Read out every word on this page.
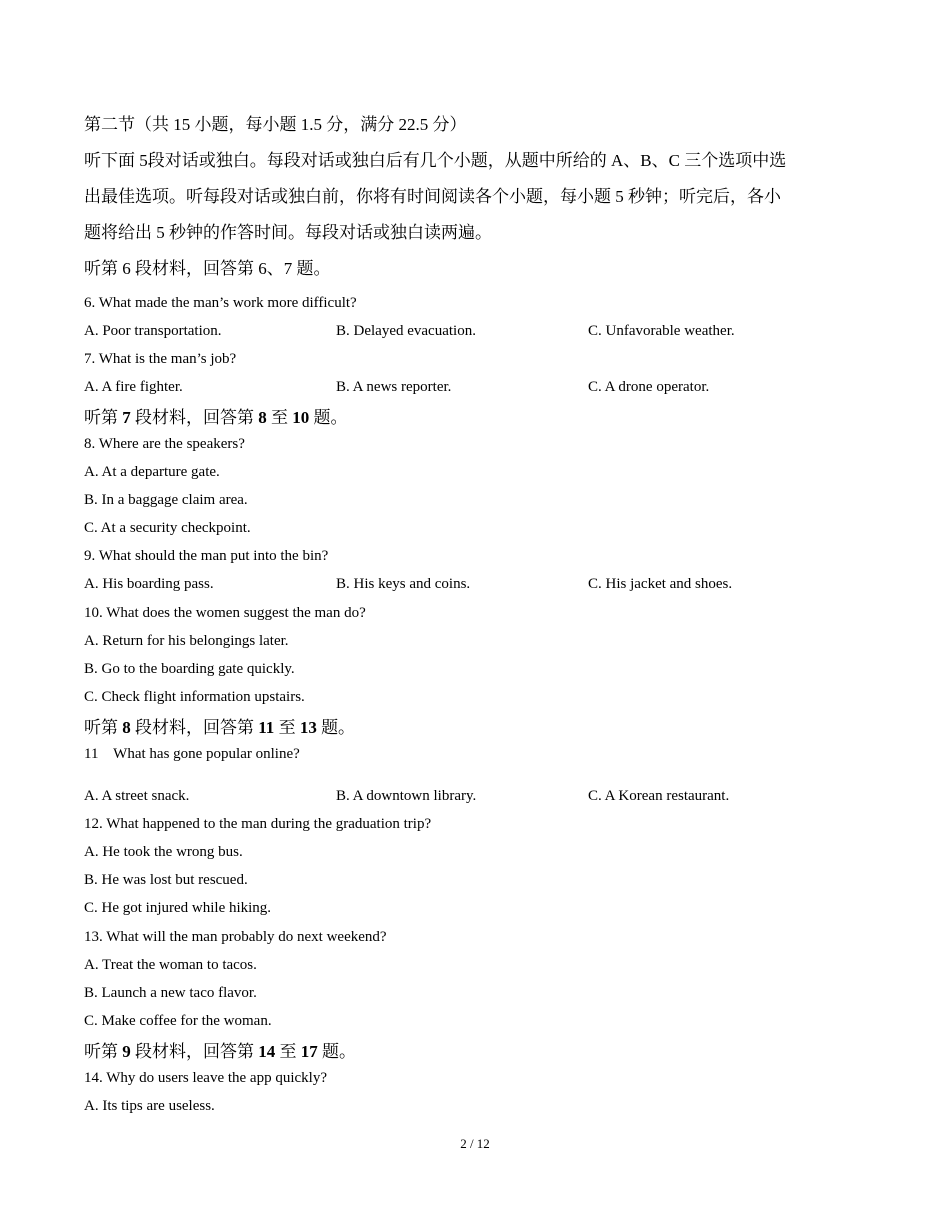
第二节（共 15 小题，每小题 1.5 分，满分 22.5 分）
听下面 5段对话或独白。每段对话或独白后有几个小题，从题中所给的 A、B、C 三个选项中选
出最佳选项。听每段对话或独白前，你将有时间阅读各个小题，每小题 5 秒钟；听完后，各小
题将给出 5 秒钟的作答时间。每段对话或独白读两遍。
听第 6 段材料，回答第 6、7 题。
6. What made the man’s work more difficult?
A. Poor transportation.	B. Delayed evacuation.	C. Unfavorable weather.
7. What is the man’s job?
A. A fire fighter.	B. A news reporter.	C. A drone operator.
听第 7 段材料，回答第 8 至 10 题。
8. Where are the speakers?
A. At a departure gate.
B. In a baggage claim area.
C. At a security checkpoint.
9. What should the man put into the bin?
A. His boarding pass.	B. His keys and coins.	C. His jacket and shoes.
10. What does the women suggest the man do?
A. Return for his belongings later.
B. Go to the boarding gate quickly.
C. Check flight information upstairs.
听第 8 段材料，回答第 11 至 13 题。
11    What has gone popular online?
A. A street snack.	B. A downtown library.	C. A Korean restaurant.
12. What happened to the man during the graduation trip?
A. He took the wrong bus.
B. He was lost but rescued.
C. He got injured while hiking.
13. What will the man probably do next weekend?
A. Treat the woman to tacos.
B. Launch a new taco flavor.
C. Make coffee for the woman.
听第 9 段材料，回答第 14 至 17 题。
14. Why do users leave the app quickly?
A. Its tips are useless.
2 / 12
